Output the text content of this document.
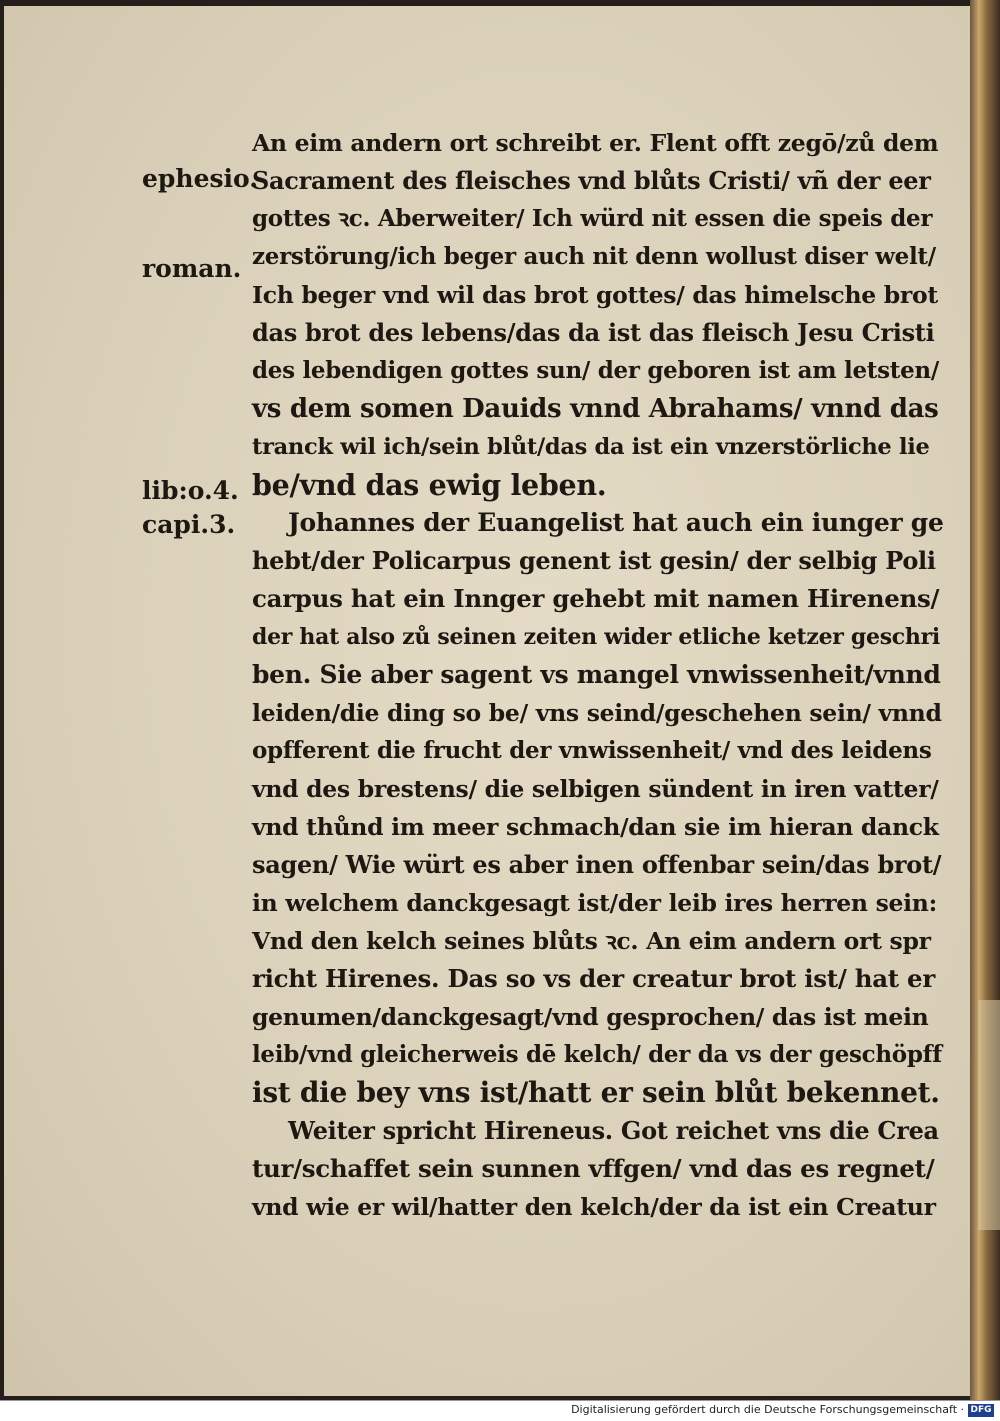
ephesio.
roman.
lib:o.4.
capi.3.
An eim andern ort schreibt er. Flent offt zegō/zů dem
Sacrament des fleisches vnd blůts Cristi/ vñ der eer
gottes ꝛc. Aberweiter/ Ich würd nit essen die speis der
zerstörung/ich beger auch nit denn wollust diser welt/
Ich beger vnd wil das brot gottes/ das himelsche brot
das brot des lebens/das da ist das fleisch Jesu Cristi
des lebendigen gottes sun/ der geboren ist am letsten/
vs dem somen Dauids vnnd Abrahams/ vnnd das
tranck wil ich/sein blůt/das da ist ein vnzerstörliche lie
be/vnd das ewig leben.
Johannes der Euangelist hat auch ein iunger ge
hebt/der Policarpus genent ist gesin/ der selbig Poli
carpus hat ein Innger gehebt mit namen Hirenens/
der hat also zů seinen zeiten wider etliche ketzer geschri
ben. Sie aber sagent vs mangel vnwissenheit/vnnd
leiden/die ding so be/ vns seind/geschehen sein/ vnnd
opfferent die frucht der vnwissenheit/ vnd des leidens
vnd des brestens/ die selbigen sündent in iren vatter/
vnd thůnd im meer schmach/dan sie im hieran danck
sagen/ Wie würt es aber inen offenbar sein/das brot/
in welchem danckgesagt ist/der leib ires herren sein:
Vnd den kelch seines blůts ꝛc. An eim andern ort spr
richt Hirenes. Das so vs der creatur brot ist/ hat er
genumen/danckgesagt/vnd gesprochen/ das ist mein
leib/vnd gleicherweis dē kelch/ der da vs der geschöpff
ist die bey vns ist/hatt er sein blůt bekennet.
Weiter spricht Hireneus. Got reichet vns die Crea
tur/schaffet sein sunnen vffgen/ vnd das es regnet/
vnd wie er wil/hatter den kelch/der da ist ein Creatur
Digitalisierung gefördert durch die Deutsche Forschungsgemeinschaft · DFG
